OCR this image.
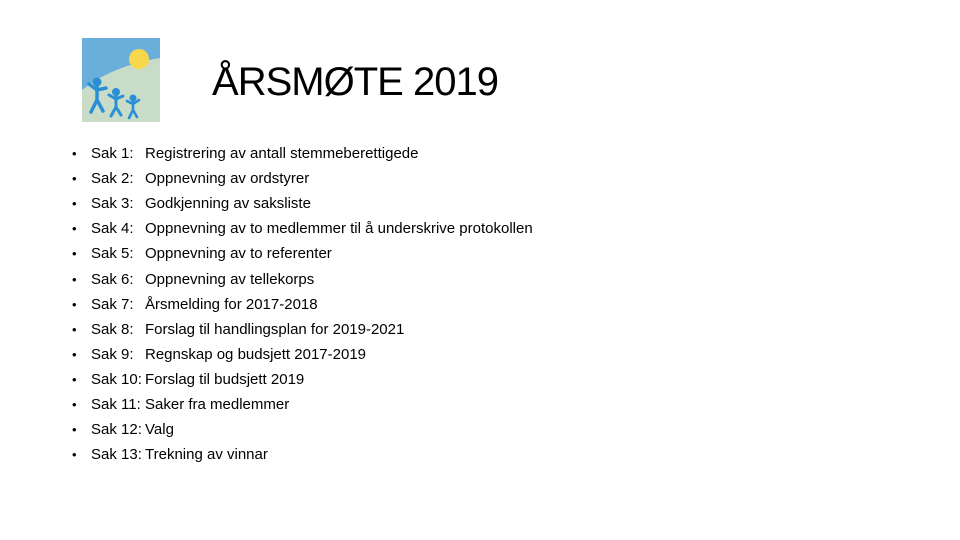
ÅRSMØTE 2019
• Sak 1: Registrering av antall stemmeberettigede
• Sak 2: Oppnevning av ordstyrer
• Sak 3: Godkjenning av saksliste
• Sak 4: Oppnevning av to medlemmer til å underskrive protokollen
• Sak 5: Oppnevning av to referenter
• Sak 6: Oppnevning av tellekorps
• Sak 7: Årsmelding for 2017-2018
• Sak 8: Forslag til handlingsplan for 2019-2021
• Sak 9: Regnskap og budsjett 2017-2019
• Sak 10: Forslag til budsjett 2019
• Sak 11: Saker fra medlemmer
• Sak 12: Valg
• Sak 13: Trekning av vinnar
